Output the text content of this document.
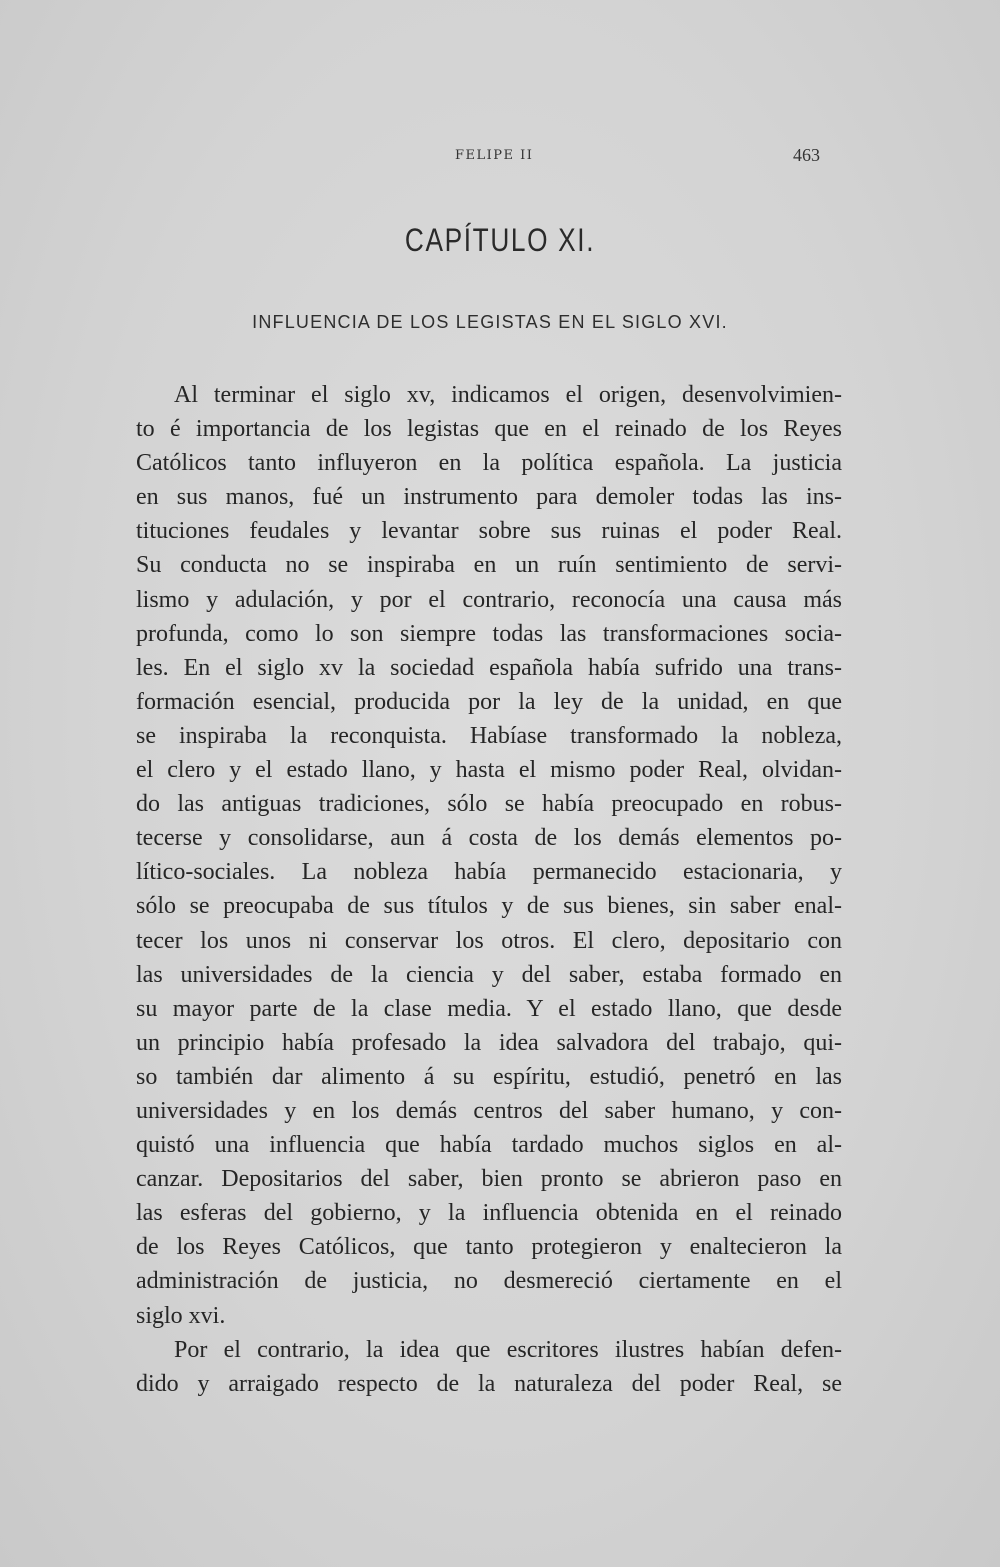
FELIPE II	463
CAPÍTULO XI.
INFLUENCIA DE LOS LEGISTAS EN EL SIGLO XVI.
Al terminar el siglo xv, indicamos el origen, desenvolvimien-
to é importancia de los legistas que en el reinado de los Reyes
Católicos tanto influyeron en la política española. La justicia
en sus manos, fué un instrumento para demoler todas las ins-
tituciones feudales y levantar sobre sus ruinas el poder Real.
Su conducta no se inspiraba en un ruín sentimiento de servi-
lismo y adulación, y por el contrario, reconocía una causa más
profunda, como lo son siempre todas las transformaciones socia-
les. En el siglo xv la sociedad española había sufrido una trans-
formación esencial, producida por la ley de la unidad, en que
se inspiraba la reconquista. Habíase transformado la nobleza,
el clero y el estado llano, y hasta el mismo poder Real, olvidan-
do las antiguas tradiciones, sólo se había preocupado en robus-
tecerse y consolidarse, aun á costa de los demás elementos po-
lítico-sociales. La nobleza había permanecido estacionaria, y
sólo se preocupaba de sus títulos y de sus bienes, sin saber enal-
tecer los unos ni conservar los otros. El clero, depositario con
las universidades de la ciencia y del saber, estaba formado en
su mayor parte de la clase media. Y el estado llano, que desde
un principio había profesado la idea salvadora del trabajo, qui-
so también dar alimento á su espíritu, estudió, penetró en las
universidades y en los demás centros del saber humano, y con-
quistó una influencia que había tardado muchos siglos en al-
canzar. Depositarios del saber, bien pronto se abrieron paso en
las esferas del gobierno, y la influencia obtenida en el reinado
de los Reyes Católicos, que tanto protegieron y enaltecieron la
administración de justicia, no desmereció ciertamente en el
siglo xvi.
Por el contrario, la idea que escritores ilustres habían defen-
dido y arraigado respecto de la naturaleza del poder Real, se
